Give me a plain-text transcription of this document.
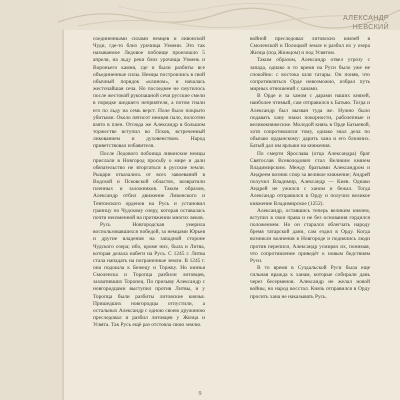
АЛЕКСАНДР
НЕВСКИЙ

соединенными силами немцев и ливонской Чуди, где-то близ урочища Узмени. Это так называемое Ледовое побоище произошло 5 апреля, на льду реки близ урочища Узмень и Вороньего камня, где и были разбиты все объединенные силы. Немцы построились в свой обычный порядок «клином», и началась жесточайшая сеча. Но последнее не смутилось после жестокой рукопашной сечи русские смели в порядке шедшего неприятеля, а потом гнали его по льду на семь верст. Поле было покрыто убитыми. Около пятисот немцев пало, полсотни взято в плен. Отсюда же Александр в большом торжестве вступил во Псков, встреченный ликованием и духовенством. Народ приветствовал избавителя.

После Ледового побоища ливонские немцы прислали в Новгород просьбу о мире и дали обязательство не вторгаться в русские земли. Рыцари отказались от всех завоеваний в Водской и Псковской областях, возвратили пленных и заложников. Таким образом, Александр отбил движение Ливонского и Тевтонского орденов на Русь и установил границу по Чудскому озеру, которая оставалась почти неизменной на протяжении многих веков.

Русь Новгородская умерила воспользовавшихся победой, за немцами Юрьев и другие владения на западной стороне Чудского озера; ибо, кроме них, была и Литва, которая делала набеги на Русь. С 1245 г. Литва стала нападать на пограничные земли. В 1245 г. она подошла к Бежецу и Торжку. Но князья Смоленска и Торопца разбили литовцев, захвативших Торопец. По призыву Александр с новгородцами выступил против Литвы, и у Торопца были разбиты литовские князья. Пришедших новгородцы отпустили, а остальных Александр с одною своею дружиною преследовал и разбил литовцев у Жизца и Усвята. Так Русь ещё раз отстояла свою землю.

войной преследовал литовских князей в Смоленской и Полоцкой земле и разбил их у озера Жизца (под Жижцом) и под Усвятом.

Таким образом, Александр отвел угрозу с запада, однако в то время на Руси было уже не спокойно: с востока шли татары. Он поняв, что сопротивляться Орде невозможно, избрал путь мирных отношений с ханами.

В Орде и за ханом с дарами наших князей, наиболее чтимый, сам отправился к Батыю. Тогда и Александр был вызван туда же. Нужно было подавать хану знаки покорности, раболепные и великокняжеские. Молодой князь в Орде Батыевой, хотя сопротивлялся тому, однако знал дела по обычаю ордынскому: дарить хана и его ближних. Батый дал им ярлыки на княжения.

По смерти Ярослава (отца Александра) брат Святослав Всеволодович стал Великим князем Владимирским. Между братьями Александром и Андреем возник спор за великое княжение; Андрей получил Владимир, Александр — Киев. Однако Андрей не ужился с ханом и бежал. Тогда Александр отправился в Орду и получил великое княжение Владимирское (1252).

Александр, оставшись теперь великим князем, вступил в свои права и не без основания гордился положением. Но он старался облегчать народу бремя татарской дани, сам ездил в Орду. Когда возникли волнения в Новгороде и поднялись люди против переписи, Александр усмирял их, понимая, что сопротивление приведёт к новым бедствиям Руси.

В то время в Суздальской Руси была еще сильная вражда к ханам, которые собирали дань через бесерменов. Александр не желал новой войны, но народ восстал. Князь отправился в Орду просить хана не наказывать Русь.

9
